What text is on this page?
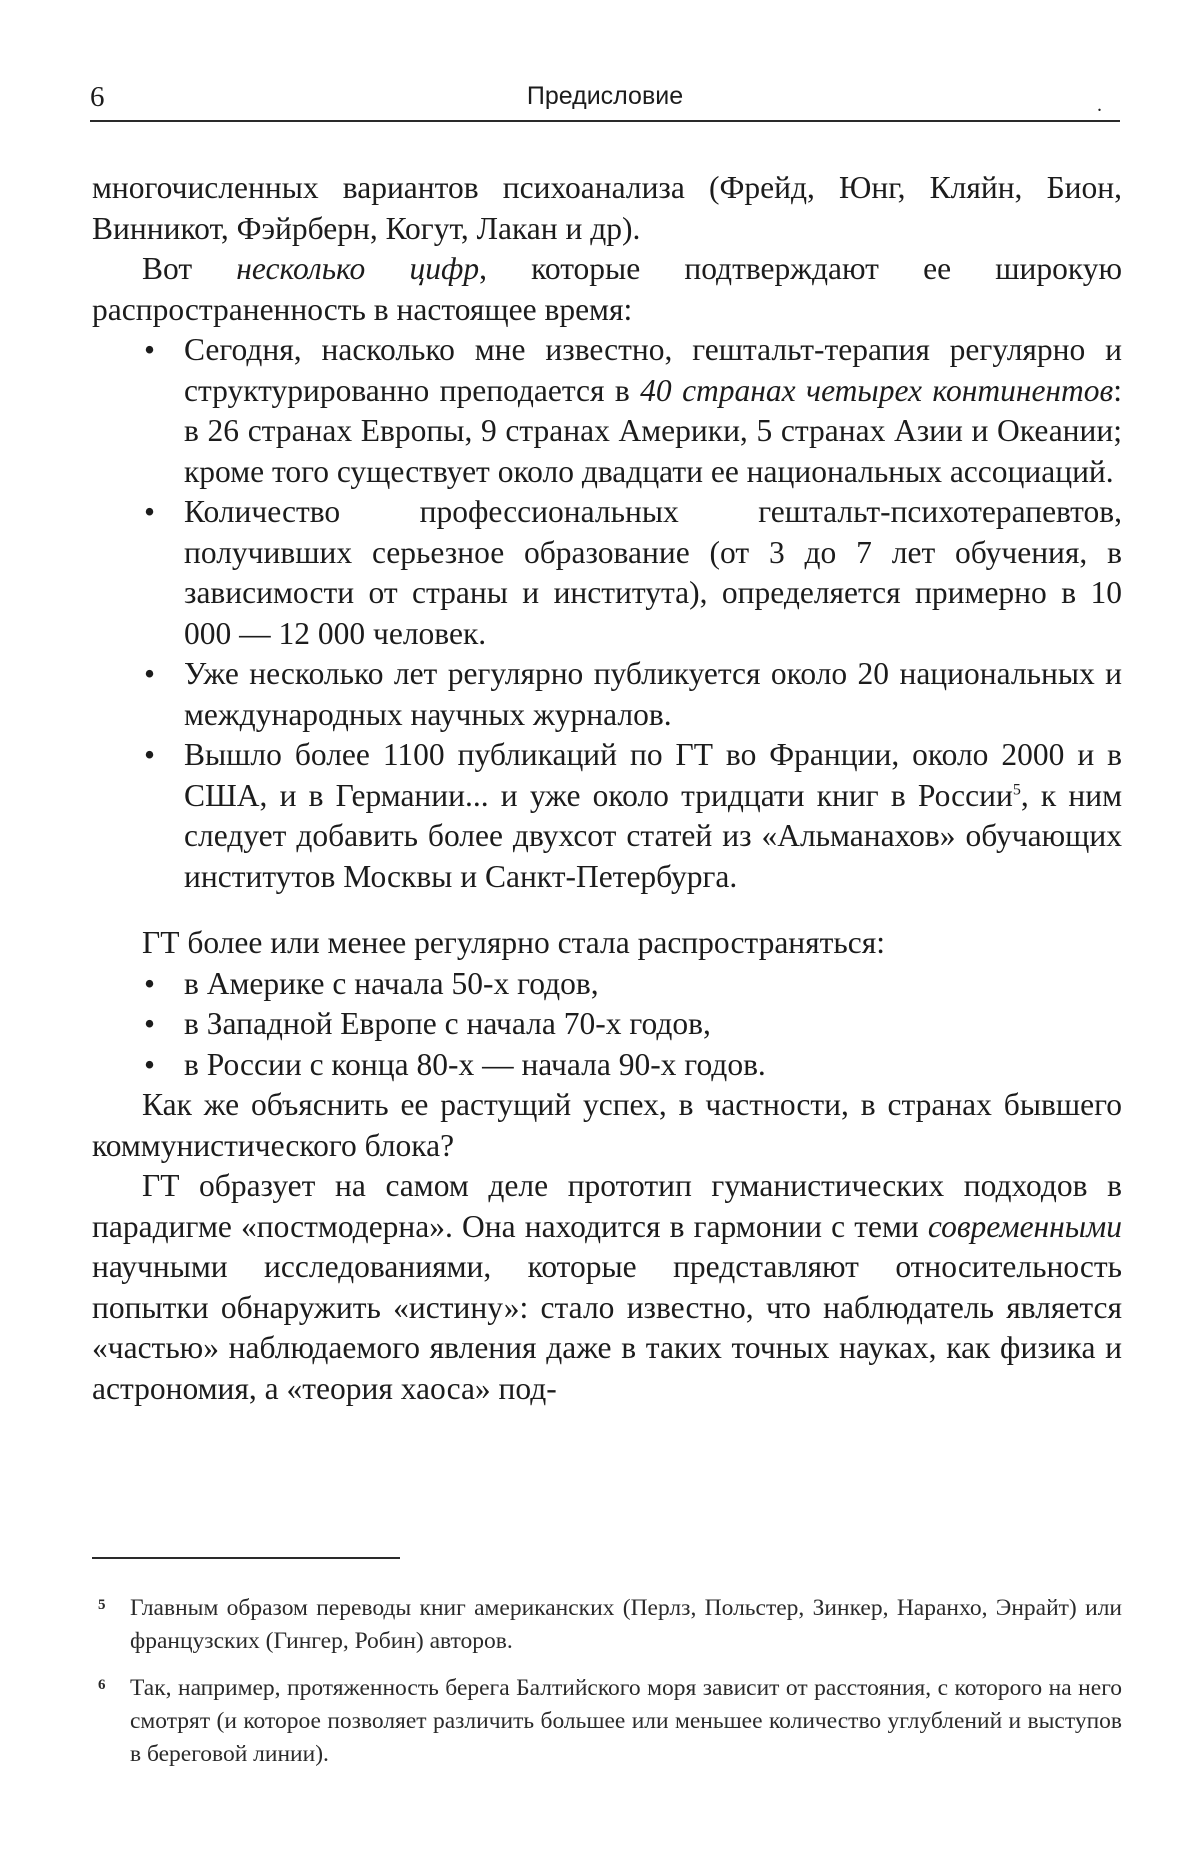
6	Предисловие	.

многочисленных вариантов психоанализа (Фрейд, Юнг, Кляйн, Бион, Винникот, Фэйрберн, Когут, Лакан и др).

Вот несколько цифр, которые подтверждают ее широкую распространенность в настоящее время:

• Сегодня, насколько мне известно, гештальт-терапия регулярно и структурированно преподается в 40 странах четырех континентов: в 26 странах Европы, 9 странах Америки, 5 странах Азии и Океании; кроме того существует около двадцати ее национальных ассоциаций.
• Количество профессиональных гештальт-психотерапевтов, получивших серьезное образование (от 3 до 7 лет обучения, в зависимости от страны и института), определяется примерно в 10 000 — 12 000 человек.
• Уже несколько лет регулярно публикуется около 20 национальных и международных научных журналов.
• Вышло более 1100 публикаций по ГТ во Франции, около 2000 и в США, и в Германии... и уже около тридцати книг в России5, к ним следует добавить более двухсот статей из «Альманахов» обучающих институтов Москвы и Санкт-Петербурга.

ГТ более или менее регулярно стала распространяться:

• в Америке с начала 50-х годов,
• в Западной Европе с начала 70-х годов,
• в России с конца 80-х — начала 90-х годов.

Как же объяснить ее растущий успех, в частности, в странах бывшего коммунистического блока?

ГТ образует на самом деле прототип гуманистических подходов в парадигме «постмодерна». Она находится в гармонии с теми современными научными исследованиями, которые представляют относительность попытки обнаружить «истину»: стало известно, что наблюдатель является «частью» наблюдаемого явления даже в таких точных науках, как физика и астрономия, а «теория хаоса» под-

5 Главным образом переводы книг американских (Перлз, Польстер, Зинкер, Наранхо, Энрайт) или французских (Гингер, Робин) авторов.

6 Так, например, протяженность берега Балтийского моря зависит от расстояния, с которого на него смотрят (и которое позволяет различить большее или меньшее количество углублений и выступов в береговой линии).
